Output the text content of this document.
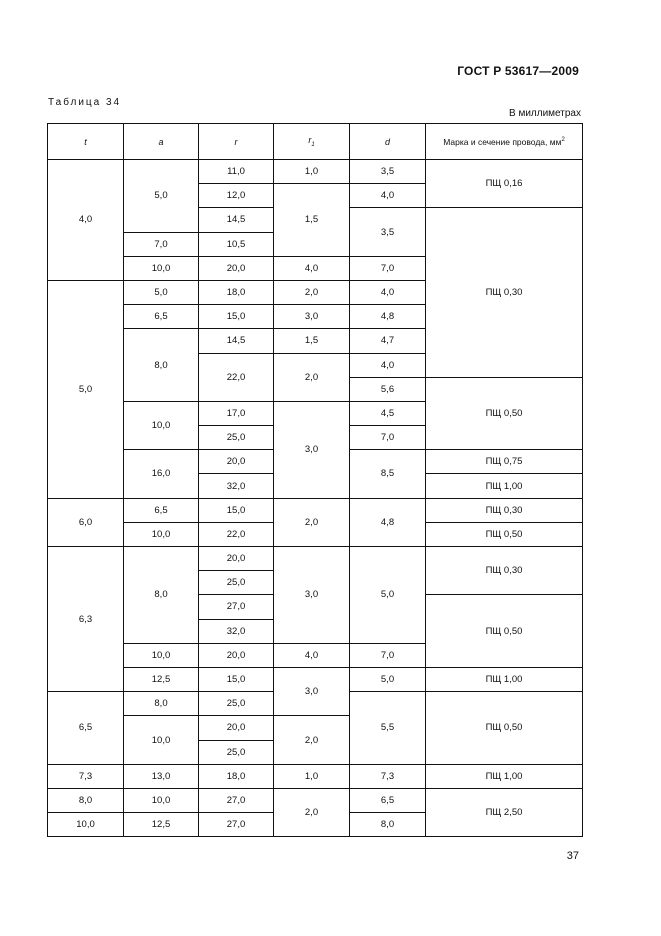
ГОСТ Р 53617—2009
Таблица 34
В миллиметрах
t	a	r	$r_1$	d	Марка и сечение провода, $мм^2$
4,0	5,0	11,0	1,0	3,5	ПЩ 0,16
		12,0	1,5	4,0	
		14,5		3,5	ПЩ 0,30
	7,0	10,5			
	10,0	20,0	4,0	7,0	
5,0	5,0	18,0	2,0	4,0	
	6,5	15,0	3,0	4,8	
	8,0	14,5	1,5	4,7	
		22,0	2,0	4,0	
				5,6	ПЩ 0,50
	10,0	17,0	3,0	4,5	
		25,0		7,0	
	16,0	20,0		8,5	ПЩ 0,75
		32,0			ПЩ 1,00
6,0	6,5	15,0	2,0	4,8	ПЩ 0,30
	10,0	22,0			ПЩ 0,50
6,3	8,0	20,0	3,0	5,0	ПЩ 0,30
		25,0			
		27,0			ПЩ 0,50
		32,0			
	10,0	20,0	4,0	7,0	
	12,5	15,0	3,0	5,0	ПЩ 1,00
6,5	8,0	25,0		5,5	ПЩ 0,50
	10,0	20,0	2,0		
		25,0			
7,3	13,0	18,0	1,0	7,3	ПЩ 1,00
8,0	10,0	27,0	2,0	6,5	ПЩ 2,50
10,0	12,5	27,0		8,0	
37
